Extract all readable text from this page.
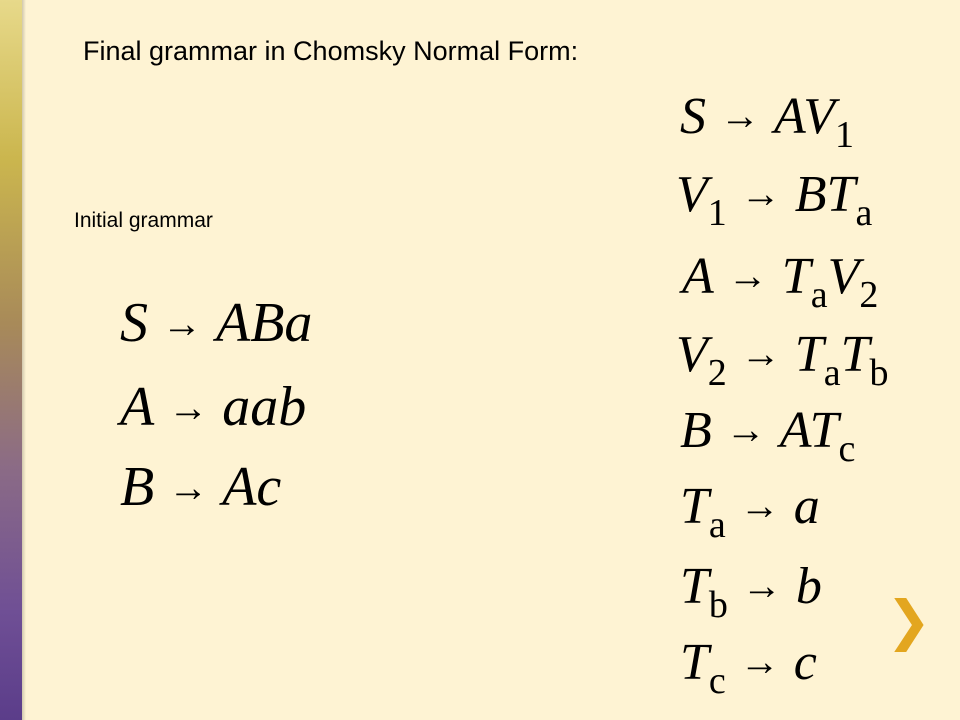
Final grammar in Chomsky Normal Form:
Initial grammar
S → ABa
A → aab
B → Ac
$S \to AV_1$
$V_1 \to BT_a$
$A \to T_aV_2$
$V_2 \to T_aT_b$
$B \to AT_c$
$T_a \to a$
$T_b \to b$
$T_c \to c$
❯
